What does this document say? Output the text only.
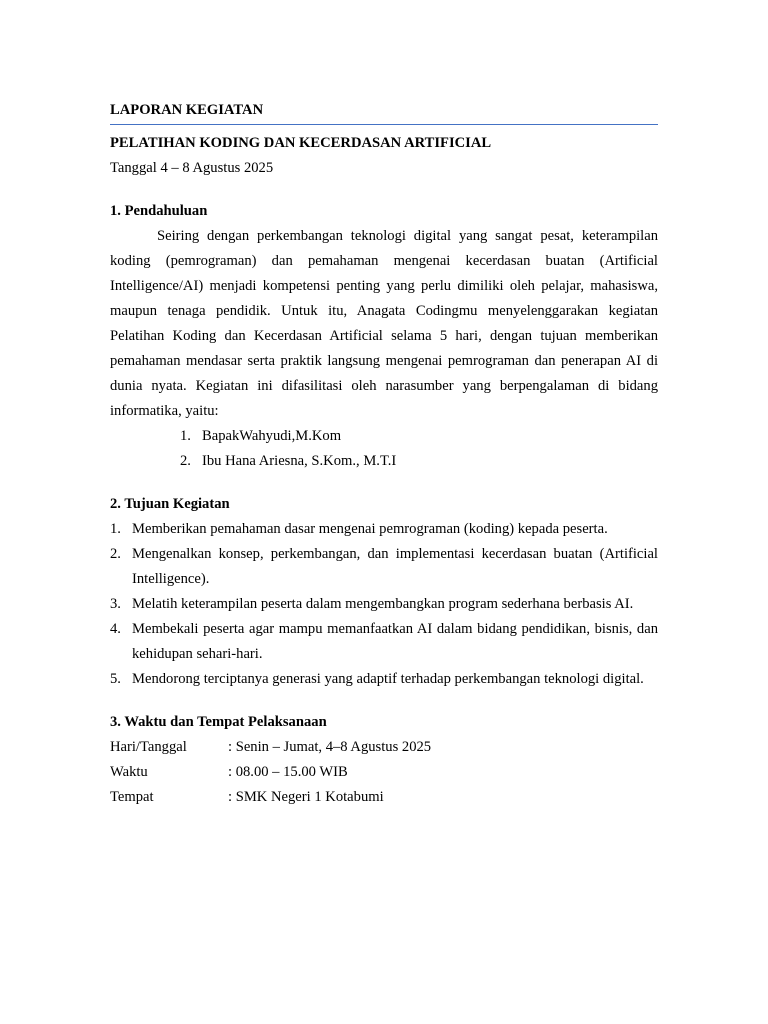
LAPORAN KEGIATAN
PELATIHAN KODING DAN KECERDASAN ARTIFICIAL
Tanggal 4 – 8 Agustus 2025
1. Pendahuluan

Seiring dengan perkembangan teknologi digital yang sangat pesat, keterampilan koding (pemrograman) dan pemahaman mengenai kecerdasan buatan (Artificial Intelligence/AI) menjadi kompetensi penting yang perlu dimiliki oleh pelajar, mahasiswa, maupun tenaga pendidik. Untuk itu, Anagata Codingmu menyelenggarakan kegiatan Pelatihan Koding dan Kecerdasan Artificial selama 5 hari, dengan tujuan memberikan pemahaman mendasar serta praktik langsung mengenai pemrograman dan penerapan AI di dunia nyata. Kegiatan ini difasilitasi oleh narasumber yang berpengalaman di bidang informatika, yaitu:

1. BapakWahyudi,M.Kom
2. Ibu Hana Ariesna, S.Kom., M.T.I
2. Tujuan Kegiatan
1. Memberikan pemahaman dasar mengenai pemrograman (koding) kepada peserta.
2. Mengenalkan konsep, perkembangan, dan implementasi kecerdasan buatan (Artificial Intelligence).
3. Melatih keterampilan peserta dalam mengembangkan program sederhana berbasis AI.
4. Membekali peserta agar mampu memanfaatkan AI dalam bidang pendidikan, bisnis, dan kehidupan sehari-hari.
5. Mendorong terciptanya generasi yang adaptif terhadap perkembangan teknologi digital.
3. Waktu dan Tempat Pelaksanaan
Hari/Tanggal	: Senin – Jumat, 4–8 Agustus 2025
Waktu	: 08.00 – 15.00 WIB
Tempat	: SMK Negeri 1 Kotabumi
